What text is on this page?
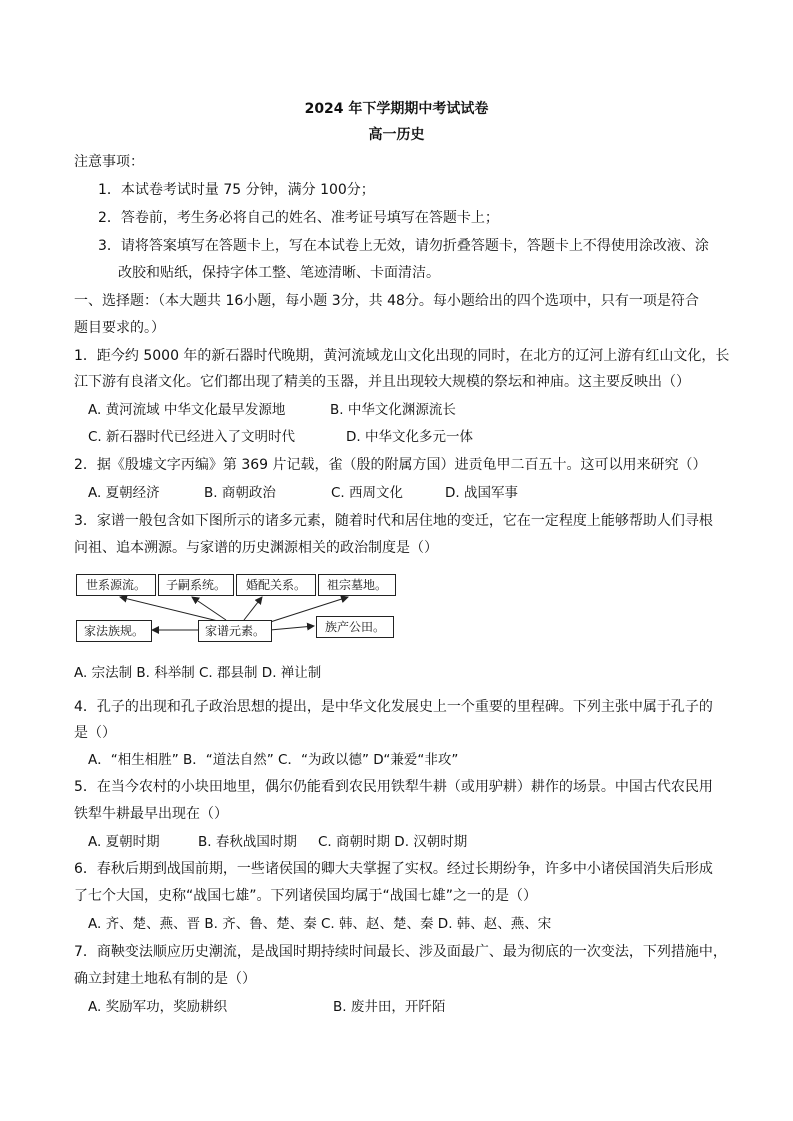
2024 年下学期期中考试试卷
高一历史
注意事项：
1．本试卷考试时量 75 分钟，满分 100分；
2．答卷前，考生务必将自己的姓名、准考证号填写在答题卡上；
3．请将答案填写在答题卡上，写在本试卷上无效，请勿折叠答题卡，答题卡上不得使用涂改液、涂
改胶和贴纸，保持字体工整、笔迹清晰、卡面清洁。
一、选择题：（本大题共 16小题，每小题 3分，共 48分。每小题给出的四个选项中，只有一项是符合
题目要求的。）
1．距今约 5000 年的新石器时代晚期，黄河流域龙山文化出现的同时，在北方的辽河上游有红山文化，长
江下游有良渚文化。它们都出现了精美的玉器，并且出现较大规模的祭坛和神庙。这主要反映出（）
A. 黄河流域 中华文化最早发源地	B. 中华文化渊源流长
C. 新石器时代已经进入了文明时代	D. 中华文化多元一体
2．据《殷墟文字丙编》第 369 片记载，雀（殷的附属方国）进贡龟甲二百五十。这可以用来研究（）
A. 夏朝经济	B. 商朝政治	C. 西周文化	D. 战国军事
3．家谱一般包含如下图所示的诸多元素，随着时代和居住地的变迁，它在一定程度上能够帮助人们寻根
问祖、追本溯源。与家谱的历史渊源相关的政治制度是（）
世系源流。	子嗣系统。	婚配关系。	祖宗墓地。
家法族规。	家谱元素。	族产公田。
A. 宗法制 B. 科举制 C. 郡县制 D. 禅让制
4．孔子的出现和孔子政治思想的提出，是中华文化发展史上一个重要的里程碑。下列主张中属于孔子的
是（）
A．“相生相胜” B．“道法自然” C．“为政以德” D“兼爱“非攻”
5．在当今农村的小块田地里，偶尔仍能看到农民用铁犁牛耕（或用驴耕）耕作的场景。中国古代农民用
铁犁牛耕最早出现在（）
A. 夏朝时期	B. 春秋战国时期 C. 商朝时期 D. 汉朝时期
6．春秋后期到战国前期，一些诸侯国的卿大夫掌握了实权。经过长期纷争，许多中小诸侯国消失后形成
了七个大国，史称“战国七雄”。下列诸侯国均属于“战国七雄”之一的是（）
A. 齐、楚、燕、晋 B. 齐、鲁、楚、秦 C. 韩、赵、楚、秦 D. 韩、赵、燕、宋
7．商鞅变法顺应历史潮流，是战国时期持续时间最长、涉及面最广、最为彻底的一次变法，下列措施中，
确立封建土地私有制的是（）
A. 奖励军功，奖励耕织	B. 废井田，开阡陌
